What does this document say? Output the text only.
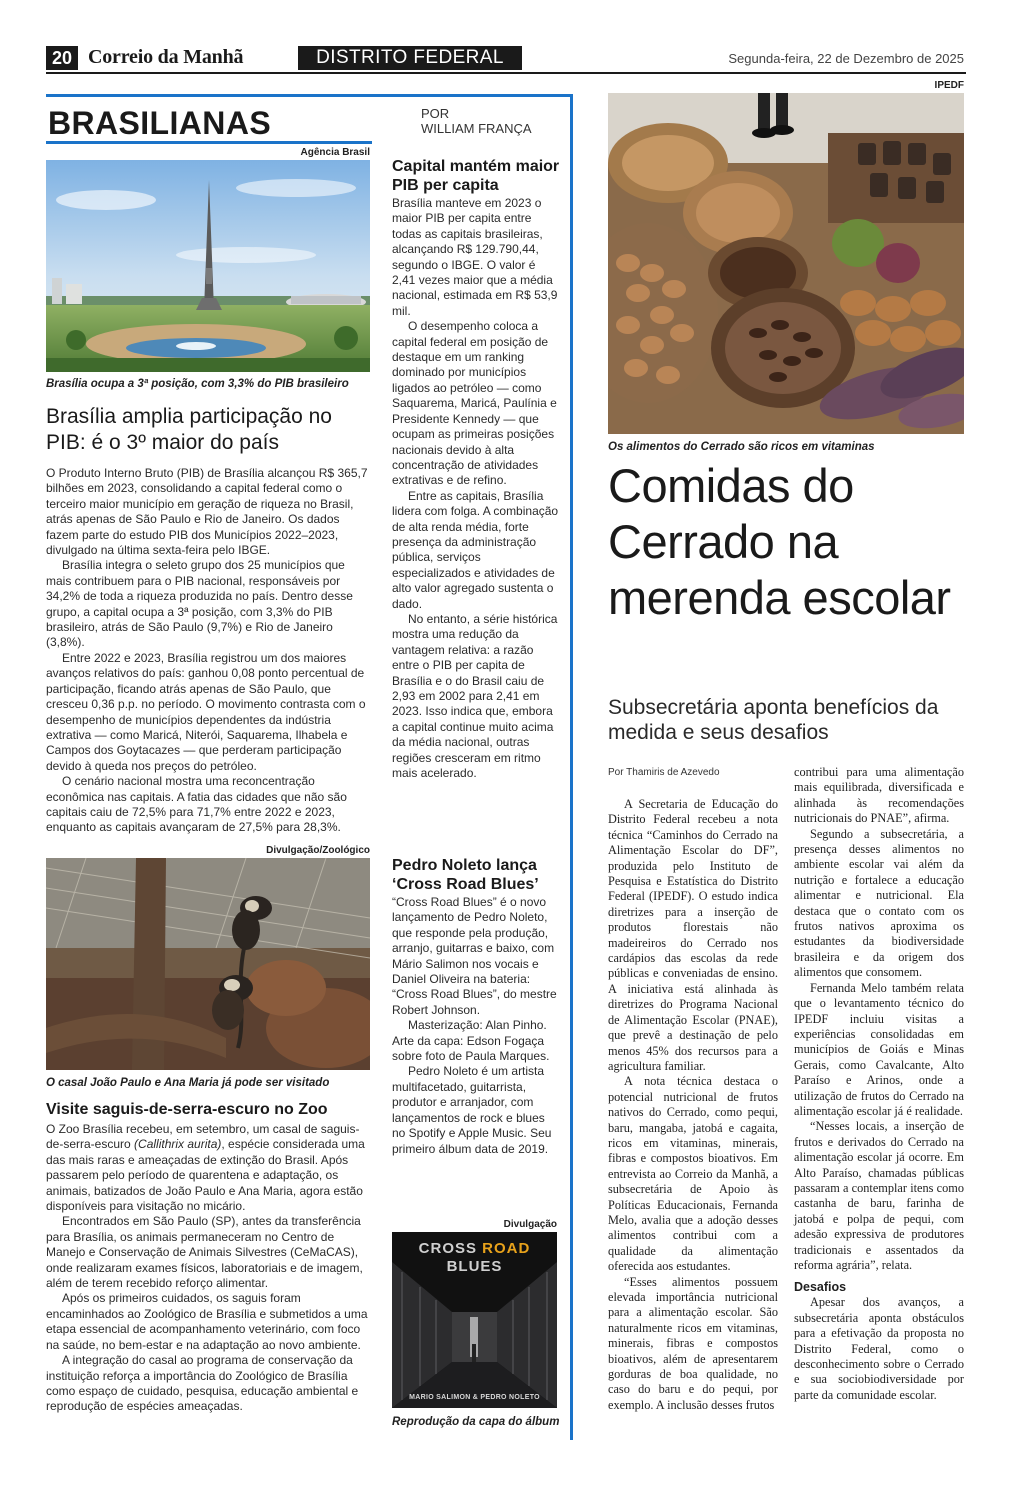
20 Correio da Manhã	DISTRITO FEDERAL	Segunda-feira, 22 de Dezembro de 2025
BRASILIANAS	POR
WILLIAM FRANÇA
Agência Brasil
Brasília ocupa a 3ª posição, com 3,3% do PIB brasileiro
Brasília amplia participação no PIB: é o 3º maior do país

O Produto Interno Bruto (PIB) de Brasília alcançou R$ 365,7 bilhões em 2023, consolidando a capital federal como o terceiro maior município em geração de riqueza no Brasil, atrás apenas de São Paulo e Rio de Janeiro. Os dados fazem parte do estudo PIB dos Municípios 2022–2023, divulgado na última sexta-feira pelo IBGE.

Brasília integra o seleto grupo dos 25 municípios que mais contribuem para o PIB nacional, responsáveis por 34,2% de toda a riqueza produzida no país. Dentro desse grupo, a capital ocupa a 3ª posição, com 3,3% do PIB brasileiro, atrás de São Paulo (9,7%) e Rio de Janeiro (3,8%).

Entre 2022 e 2023, Brasília registrou um dos maiores avanços relativos do país: ganhou 0,08 ponto percentual de participação, ficando atrás apenas de São Paulo, que cresceu 0,36 p.p. no período. O movimento contrasta com o desempenho de municípios dependentes da indústria extrativa — como Maricá, Niterói, Saquarema, Ilhabela e Campos dos Goytacazes — que perderam participação devido à queda nos preços do petróleo.

O cenário nacional mostra uma reconcentração econômica nas capitais. A fatia das cidades que não são capitais caiu de 72,5% para 71,7% entre 2022 e 2023, enquanto as capitais avançaram de 27,5% para 28,3%.

Divulgação/Zoológico
O casal João Paulo e Ana Maria já pode ser visitado
Visite saguis-de-serra-escuro no Zoo

O Zoo Brasília recebeu, em setembro, um casal de saguis-de-serra-escuro (Callithrix aurita), espécie considerada uma das mais raras e ameaçadas de extinção do Brasil. Após passarem pelo período de quarentena e adaptação, os animais, batizados de João Paulo e Ana Maria, agora estão disponíveis para visitação no micário.

Encontrados em São Paulo (SP), antes da transferência para Brasília, os animais permaneceram no Centro de Manejo e Conservação de Animais Silvestres (CeMaCAS), onde realizaram exames físicos, laboratoriais e de imagem, além de terem recebido reforço alimentar.

Após os primeiros cuidados, os saguis foram encaminhados ao Zoológico de Brasília e submetidos a uma etapa essencial de acompanhamento veterinário, com foco na saúde, no bem-estar e na adaptação ao novo ambiente.

A integração do casal ao programa de conservação da instituição reforça a importância do Zoológico de Brasília como espaço de cuidado, pesquisa, educação ambiental e reprodução de espécies ameaçadas.

Capital mantém maior PIB per capita

Brasília manteve em 2023 o maior PIB per capita entre todas as capitais brasileiras, alcançando R$ 129.790,44, segundo o IBGE. O valor é 2,41 vezes maior que a média nacional, estimada em R$ 53,9 mil.

O desempenho coloca a capital federal em posição de destaque em um ranking dominado por municípios ligados ao petróleo — como Saquarema, Maricá, Paulínia e Presidente Kennedy — que ocupam as primeiras posições nacionais devido à alta concentração de atividades extrativas e de refino.

Entre as capitais, Brasília lidera com folga. A combinação de alta renda média, forte presença da administração pública, serviços especializados e atividades de alto valor agregado sustenta o dado.

No entanto, a série histórica mostra uma redução da vantagem relativa: a razão entre o PIB per capita de Brasília e o do Brasil caiu de 2,93 em 2002 para 2,41 em 2023. Isso indica que, embora a capital continue muito acima da média nacional, outras regiões cresceram em ritmo mais acelerado.

Pedro Noleto lança ‘Cross Road Blues’

“Cross Road Blues” é o novo lançamento de Pedro Noleto, que responde pela produção, arranjo, guitarras e baixo, com Mário Salimon nos vocais e Daniel Oliveira na bateria: “Cross Road Blues”, do mestre Robert Johnson.

Masterização: Alan Pinho. Arte da capa: Edson Fogaça sobre foto de Paula Marques.

Pedro Noleto é um artista multifacetado, guitarrista, produtor e arranjador, com lançamentos de rock e blues no Spotify e Apple Music. Seu primeiro álbum data de 2019.

Divulgação
CROSS ROAD BLUES
MARIO SALIMON & PEDRO NOLETO
Reprodução da capa do álbum
IPEDF
Os alimentos do Cerrado são ricos em vitaminas
Comidas do Cerrado na merenda escolar
Subsecretária aponta benefícios da medida e seus desafios
Por Thamiris de Azevedo

A Secretaria de Educação do Distrito Federal recebeu a nota técnica “Caminhos do Cerrado na Alimentação Escolar do DF”, produzida pelo Instituto de Pesquisa e Estatística do Distrito Federal (IPEDF). O estudo indica diretrizes para a inserção de produtos florestais não madeireiros do Cerrado nos cardápios das escolas da rede públicas e conveniadas de ensino. A iniciativa está alinhada às diretrizes do Programa Nacional de Alimentação Escolar (PNAE), que prevê a destinação de pelo menos 45% dos recursos para a agricultura familiar.

A nota técnica destaca o potencial nutricional de frutos nativos do Cerrado, como pequi, baru, mangaba, jatobá e cagaita, ricos em vitaminas, minerais, fibras e compostos bioativos. Em entrevista ao Correio da Manhã, a subsecretária de Apoio às Políticas Educacionais, Fernanda Melo, avalia que a adoção desses alimentos contribui com a qualidade da alimentação oferecida aos estudantes.

“Esses alimentos possuem elevada importância nutricional para a alimentação escolar. São naturalmente ricos em vitaminas, minerais, fibras e compostos bioativos, além de apresentarem gorduras de boa qualidade, no caso do baru e do pequi, por exemplo. A inclusão desses frutos

contribui para uma alimentação mais equilibrada, diversificada e alinhada às recomendações nutricionais do PNAE”, afirma.

Segundo a subsecretária, a presença desses alimentos no ambiente escolar vai além da nutrição e fortalece a educação alimentar e nutricional. Ela destaca que o contato com os frutos nativos aproxima os estudantes da biodiversidade brasileira e da origem dos alimentos que consomem.

Fernanda Melo também relata que o levantamento técnico do IPEDF incluiu visitas a experiências consolidadas em municípios de Goiás e Minas Gerais, como Cavalcante, Alto Paraíso e Arinos, onde a utilização de frutos do Cerrado na alimentação escolar já é realidade.

“Nesses locais, a inserção de frutos e derivados do Cerrado na alimentação escolar já ocorre. Em Alto Paraíso, chamadas públicas passaram a contemplar itens como castanha de baru, farinha de jatobá e polpa de pequi, com adesão expressiva de produtores tradicionais e assentados da reforma agrária”, relata.

Desafios

Apesar dos avanços, a subsecretária aponta obstáculos para a efetivação da proposta no Distrito Federal, como o desconhecimento sobre o Cerrado e sua sociobiodiversidade por parte da comunidade escolar.
